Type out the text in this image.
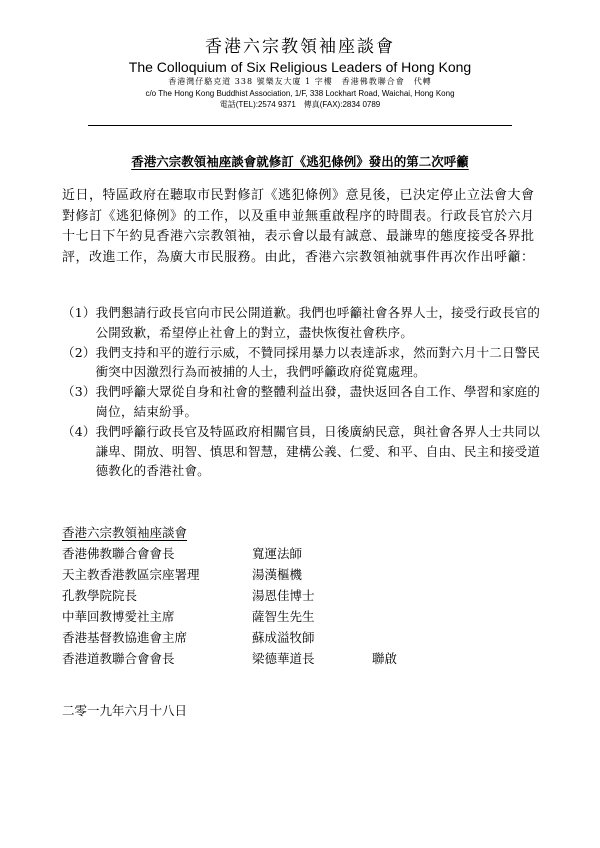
香港六宗教領袖座談會
The Colloquium of Six Religious Leaders of Hong Kong
香港灣仔駱克道 338 號樂友大廈 1 字樓　香港佛教聯合會　代轉
c/o The Hong Kong Buddhist Association, 1/F, 338 Lockhart Road, Waichai, Hong Kong
電話(TEL):2574 9371　傳真(FAX):2834 0789
香港六宗教領袖座談會就修訂《逃犯條例》發出的第二次呼籲

近日，特區政府在聽取市民對修訂《逃犯條例》意見後，已決定停止立法會大會對修訂《逃犯條例》的工作，以及重申並無重啟程序的時間表。行政長官於六月十七日下午約見香港六宗教領袖，表示會以最有誠意、最謙卑的態度接受各界批評，改進工作，為廣大市民服務。由此，香港六宗教領袖就事件再次作出呼籲：

（1） 我們懇請行政長官向市民公開道歉。我們也呼籲社會各界人士，接受行政長官的公開致歉，希望停止社會上的對立，盡快恢復社會秩序。
（2） 我們支持和平的遊行示威，不贊同採用暴力以表達訴求，然而對六月十二日警民衝突中因激烈行為而被捕的人士，我們呼籲政府從寬處理。
（3） 我們呼籲大眾從自身和社會的整體利益出發，盡快返回各自工作、學習和家庭的崗位，結束紛爭。
（4） 我們呼籲行政長官及特區政府相關官員，日後廣納民意，與社會各界人士共同以謙卑、開放、明智、慎思和智慧，建構公義、仁愛、和平、自由、民主和接受道德教化的香港社會。
香港六宗教領袖座談會
香港佛教聯合會會長	寬運法師
天主教香港教區宗座署理	湯漢樞機
孔教學院院長	湯恩佳博士
中華回教博愛社主席	薩智生先生
香港基督教協進會主席	蘇成溢牧師
香港道教聯合會會長	梁德華道長	聯啟
二零一九年六月十八日
